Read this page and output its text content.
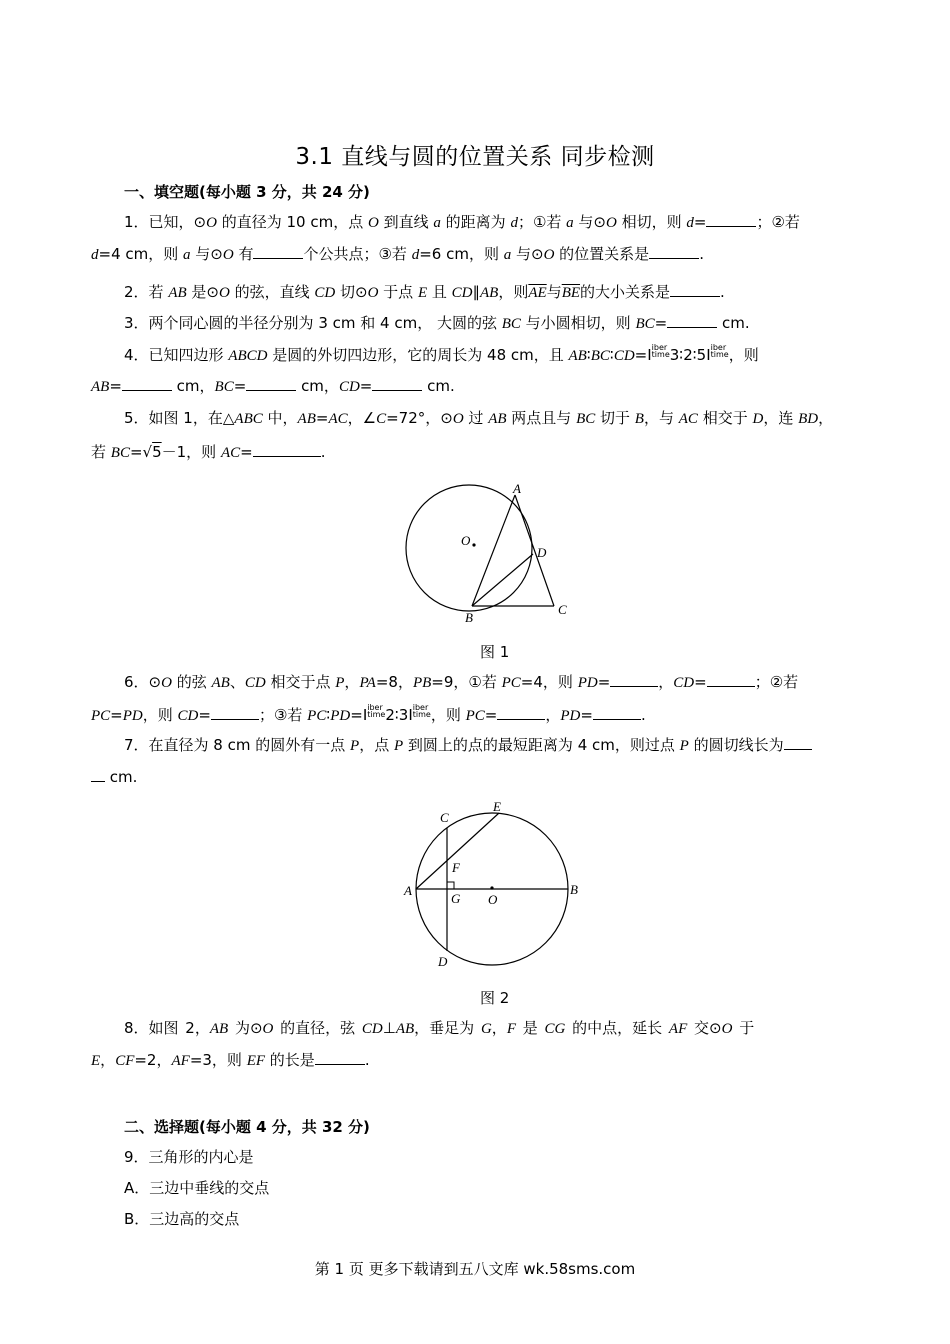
3.1 直线与圆的位置关系 同步检测
一、填空题(每小题 3 分，共 24 分)
1．已知，⊙O 的直径为 10 cm，点 O 到直线 a 的距离为 d；①若 a 与⊙O 相切，则 d=	；②若
d=4 cm，则 a 与⊙O 有	个公共点；③若 d=6 cm，则 a 与⊙O 的位置关系是	.
2．若 AB 是⊙O 的弦，直线 CD 切⊙O 于点 E 且 CD∥AB，则$\overline{AE}$与$\overline{BE}$的大小关系是	.
3．两个同心圆的半径分别为 3 cm 和 4 cm， 大圆的弦 BC 与小圆相切，则 BC=	cm.
4．已知四边形 ABCD 是圆的外切四边形，它的周长为 48 cm，且 AB∶BC∶CD=Iiber
time3∶2∶5Iiber
time，则
AB=	cm，BC=	cm，CD=	cm.
5．如图 1，在△ABC 中，AB=AC，∠C=72°，⊙O 过 AB 两点且与 BC 切于 B，与 AC 相交于 D，连 BD，
若 BC=√5－1，则 AC=	.
A
B
C
D
O
图 1
6．⊙O 的弦 AB、CD 相交于点 P，PA=8，PB=9，①若 PC=4，则 PD=	，CD=	；②若
PC=PD，则 CD=	；③若 PC∶PD=Iiber
time2∶3Iiber
time，则 PC=	，PD=	.
7．在直径为 8 cm 的圆外有一点 P，点 P 到圆上的点的最短距离为 4 cm，则过点 P 的圆切线长为
cm.
A	B
C
D
E
F
G O
图 2
8．如图 2，AB 为⊙O 的直径，弦 CD⊥AB，垂足为 G，F 是 CG 的中点，延长 AF 交⊙O 于
E，CF=2，AF=3，则 EF 的长是	.
二、选择题(每小题 4 分，共 32 分)
9．三角形的内心是
A．三边中垂线的交点
B．三边高的交点
第 1 页 更多下载请到五八文库 wk.58sms.com
